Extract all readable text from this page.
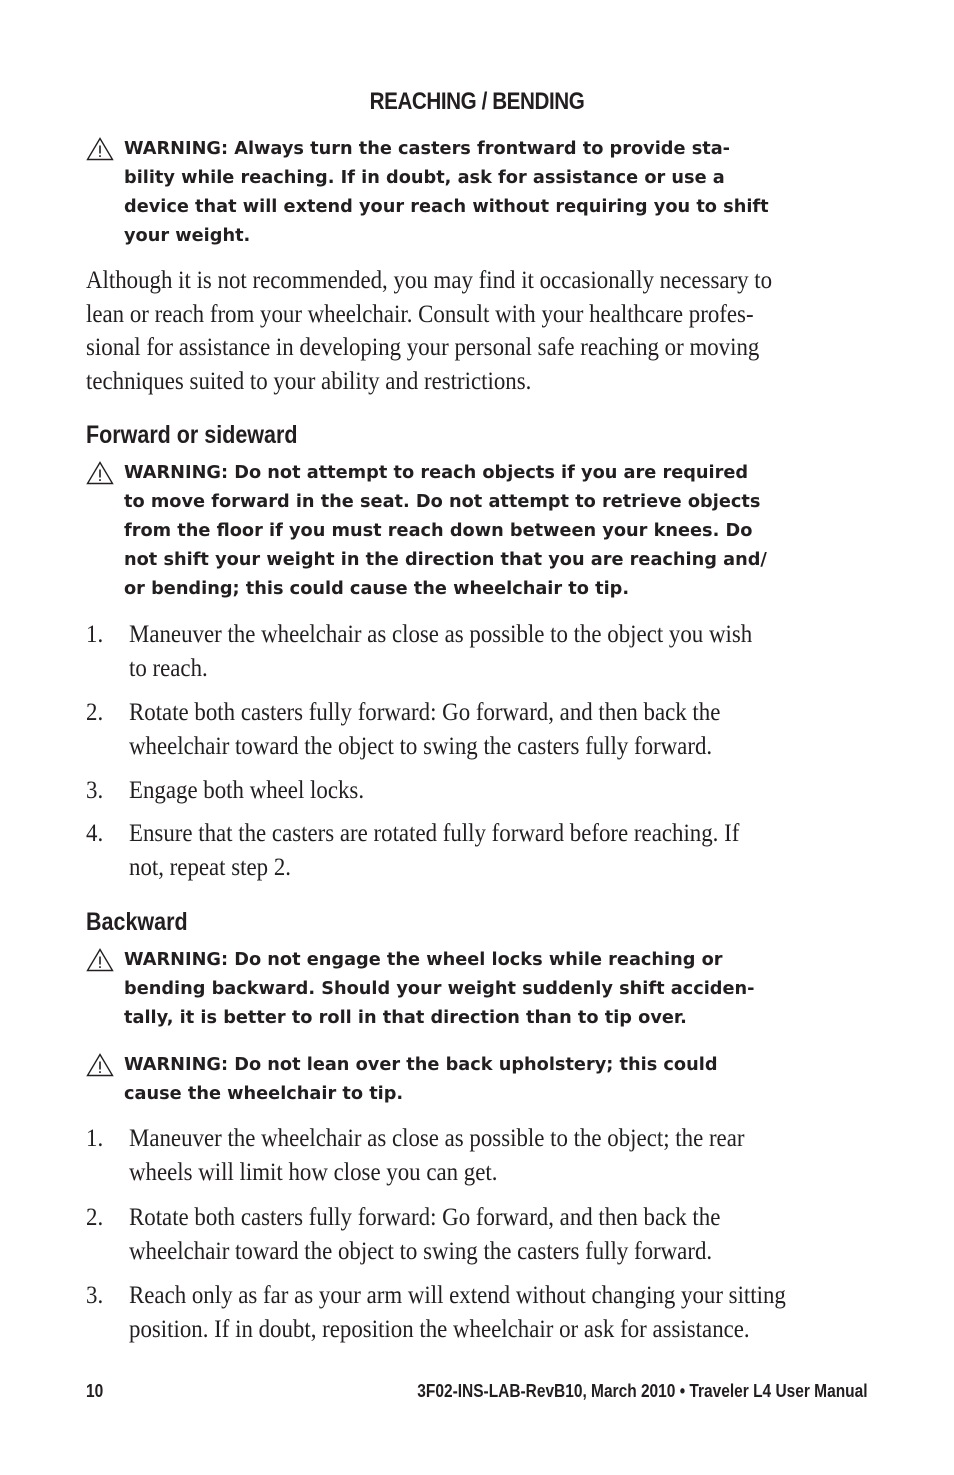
REACHING / BENDING
WARNING: Always turn the casters frontward to provide sta-
bility while reaching. If in doubt, ask for assistance or use a
device that will extend your reach without requiring you to shift
your weight.
Although it is not recommended, you may find it occasionally necessary to
lean or reach from your wheelchair. Consult with your healthcare profes-
sional for assistance in developing your personal safe reaching or moving
techniques suited to your ability and restrictions.
Forward or sideward
WARNING: Do not attempt to reach objects if you are required
to move forward in the seat. Do not attempt to retrieve objects
from the floor if you must reach down between your knees. Do
not shift your weight in the direction that you are reaching and/
or bending; this could cause the wheelchair to tip.
1. Maneuver the wheelchair as close as possible to the object you wish
to reach.
2. Rotate both casters fully forward: Go forward, and then back the
wheelchair toward the object to swing the casters fully forward.
3. Engage both wheel locks.
4. Ensure that the casters are rotated fully forward before reaching. If
not, repeat step 2.
Backward
WARNING: Do not engage the wheel locks while reaching or
bending backward. Should your weight suddenly shift acciden-
tally, it is better to roll in that direction than to tip over.
WARNING: Do not lean over the back upholstery; this could
cause the wheelchair to tip.
1. Maneuver the wheelchair as close as possible to the object; the rear
wheels will limit how close you can get.
2. Rotate both casters fully forward: Go forward, and then back the
wheelchair toward the object to swing the casters fully forward.
3. Reach only as far as your arm will extend without changing your sitting
position. If in doubt, reposition the wheelchair or ask for assistance.
10	3F02-INS-LAB-RevB10, March 2010 • Traveler L4 User Manual
